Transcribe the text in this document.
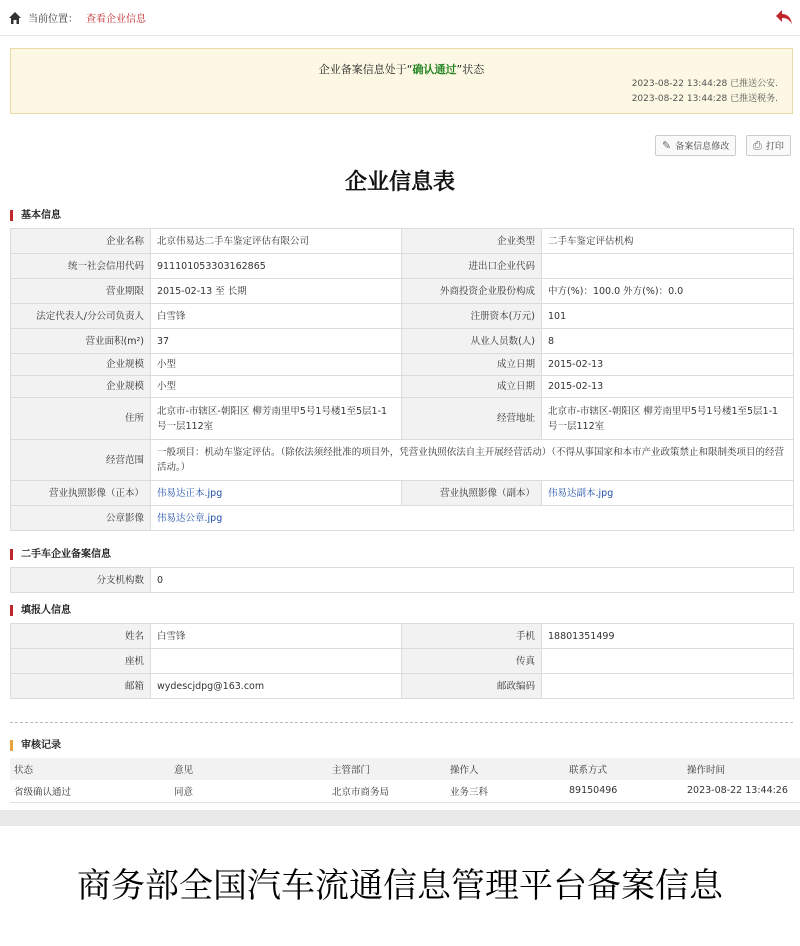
当前位置： 查看企业信息
企业备案信息处于“确认通过”状态
2023-08-22 13:44:28 已推送公安.
2023-08-22 13:44:28 已推送税务.
✎ 备案信息修改 ⎙ 打印
企业信息表
基本信息
企业名称	北京伟易达二手车鉴定评估有限公司	企业类型	二手车鉴定评估机构
统一社会信用代码	911101053303162865	进出口企业代码	
营业期限	2015-02-13 至 长期	外商投资企业股份构成	中方(%)：100.0 外方(%)：0.0
法定代表人/分公司负责人	白雪锋	注册资本(万元)	101
营业面积(m²)	37	从业人员数(人)	8
企业规模	小型	成立日期	2015-02-13
企业规模	小型	成立日期	2015-02-13
住所	北京市-市辖区-朝阳区 柳芳南里甲5号1号楼1至5层1-1号一层112室	经营地址	北京市-市辖区-朝阳区 柳芳南里甲5号1号楼1至5层1-1号一层112室
经营范围	一般项目：机动车鉴定评估。（除依法须经批准的项目外，凭营业执照依法自主开展经营活动）（不得从事国家和本市产业政策禁止和限制类项目的经营活动。）		
营业执照影像（正本）	伟易达正本.jpg	营业执照影像（副本）	伟易达副本.jpg
公章影像	伟易达公章.jpg		
二手车企业备案信息
分支机构数	0
填报人信息
姓名	白雪锋	手机	18801351499
座机		传真	
邮箱	wydescjdpg@163.com	邮政编码	
审核记录
状态	意见	主管部门	操作人	联系方式	操作时间
省级确认通过	同意	北京市商务局	业务三科	89150496	2023-08-22 13:44:26
商务部全国汽车流通信息管理平台备案信息
